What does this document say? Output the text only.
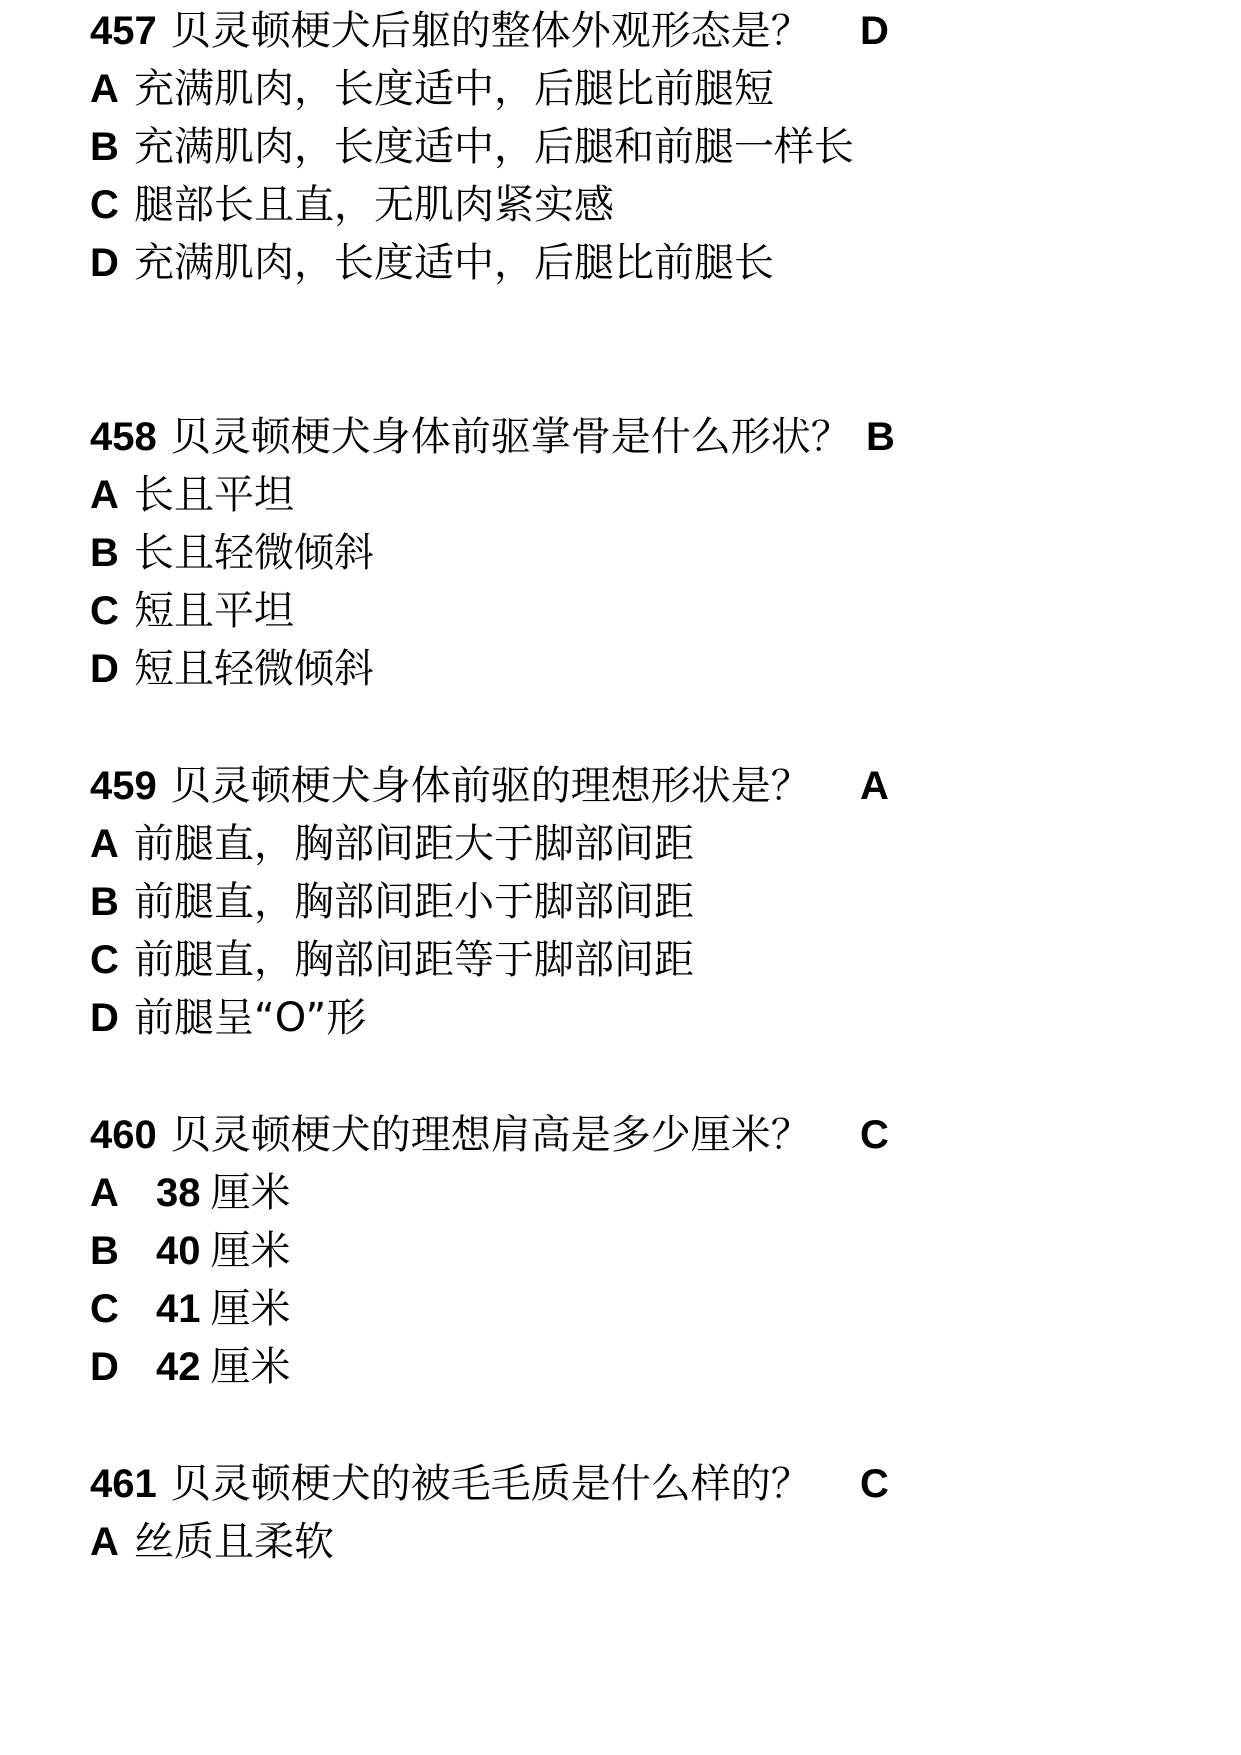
457 贝灵顿梗犬后躯的整体外观形态是？ D
A 充满肌肉，长度适中，后腿比前腿短
B 充满肌肉，长度适中，后腿和前腿一样长
C 腿部长且直，无肌肉紧实感
D 充满肌肉，长度适中，后腿比前腿长
458 贝灵顿梗犬身体前驱掌骨是什么形状？ B
A 长且平坦
B 长且轻微倾斜
C 短且平坦
D 短且轻微倾斜
459 贝灵顿梗犬身体前驱的理想形状是？ A
A 前腿直，胸部间距大于脚部间距
B 前腿直，胸部间距小于脚部间距
C 前腿直，胸部间距等于脚部间距
D 前腿呈“O”形
460 贝灵顿梗犬的理想肩高是多少厘米？ C
A 38 厘米
B 40 厘米
C 41 厘米
D 42 厘米
461 贝灵顿梗犬的被毛毛质是什么样的？ C
A 丝质且柔软
